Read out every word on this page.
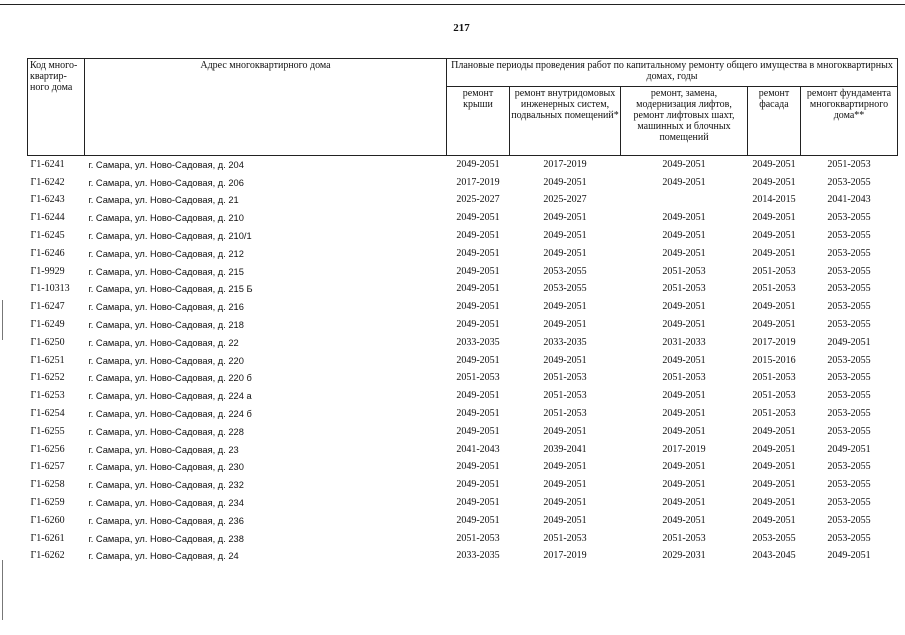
217
Код много-квартир-ного дома	Адрес многоквартирного дома	Плановые периоды проведения работ по капитальному ремонту общего имущества в многоквартирных домах, годы				
		ремонт крыши	ремонт внутридомовых инженерных систем, подвальных помещений*	ремонт, замена, модернизация лифтов, ремонт лифтовых шахт, машинных и блочных помещений	ремонт фасада	ремонт фундамента многоквартирного дома**
Г1-6241	г. Самара, ул. Ново-Садовая, д. 204	2049-2051	2017-2019	2049-2051	2049-2051	2051-2053
Г1-6242	г. Самара, ул. Ново-Садовая, д. 206	2017-2019	2049-2051	2049-2051	2049-2051	2053-2055
Г1-6243	г. Самара, ул. Ново-Садовая, д. 21	2025-2027	2025-2027		2014-2015	2041-2043
Г1-6244	г. Самара, ул. Ново-Садовая, д. 210	2049-2051	2049-2051	2049-2051	2049-2051	2053-2055
Г1-6245	г. Самара, ул. Ново-Садовая, д. 210/1	2049-2051	2049-2051	2049-2051	2049-2051	2053-2055
Г1-6246	г. Самара, ул. Ново-Садовая, д. 212	2049-2051	2049-2051	2049-2051	2049-2051	2053-2055
Г1-9929	г. Самара, ул. Ново-Садовая, д. 215	2049-2051	2053-2055	2051-2053	2051-2053	2053-2055
Г1-10313	г. Самара, ул. Ново-Садовая, д. 215 Б	2049-2051	2053-2055	2051-2053	2051-2053	2053-2055
Г1-6247	г. Самара, ул. Ново-Садовая, д. 216	2049-2051	2049-2051	2049-2051	2049-2051	2053-2055
Г1-6249	г. Самара, ул. Ново-Садовая, д. 218	2049-2051	2049-2051	2049-2051	2049-2051	2053-2055
Г1-6250	г. Самара, ул. Ново-Садовая, д. 22	2033-2035	2033-2035	2031-2033	2017-2019	2049-2051
Г1-6251	г. Самара, ул. Ново-Садовая, д. 220	2049-2051	2049-2051	2049-2051	2015-2016	2053-2055
Г1-6252	г. Самара, ул. Ново-Садовая, д. 220 б	2051-2053	2051-2053	2051-2053	2051-2053	2053-2055
Г1-6253	г. Самара, ул. Ново-Садовая, д. 224 а	2049-2051	2051-2053	2049-2051	2051-2053	2053-2055
Г1-6254	г. Самара, ул. Ново-Садовая, д. 224 б	2049-2051	2051-2053	2049-2051	2051-2053	2053-2055
Г1-6255	г. Самара, ул. Ново-Садовая, д. 228	2049-2051	2049-2051	2049-2051	2049-2051	2053-2055
Г1-6256	г. Самара, ул. Ново-Садовая, д. 23	2041-2043	2039-2041	2017-2019	2049-2051	2049-2051
Г1-6257	г. Самара, ул. Ново-Садовая, д. 230	2049-2051	2049-2051	2049-2051	2049-2051	2053-2055
Г1-6258	г. Самара, ул. Ново-Садовая, д. 232	2049-2051	2049-2051	2049-2051	2049-2051	2053-2055
Г1-6259	г. Самара, ул. Ново-Садовая, д. 234	2049-2051	2049-2051	2049-2051	2049-2051	2053-2055
Г1-6260	г. Самара, ул. Ново-Садовая, д. 236	2049-2051	2049-2051	2049-2051	2049-2051	2053-2055
Г1-6261	г. Самара, ул. Ново-Садовая, д. 238	2051-2053	2051-2053	2051-2053	2053-2055	2053-2055
Г1-6262	г. Самара, ул. Ново-Садовая, д. 24	2033-2035	2017-2019	2029-2031	2043-2045	2049-2051
